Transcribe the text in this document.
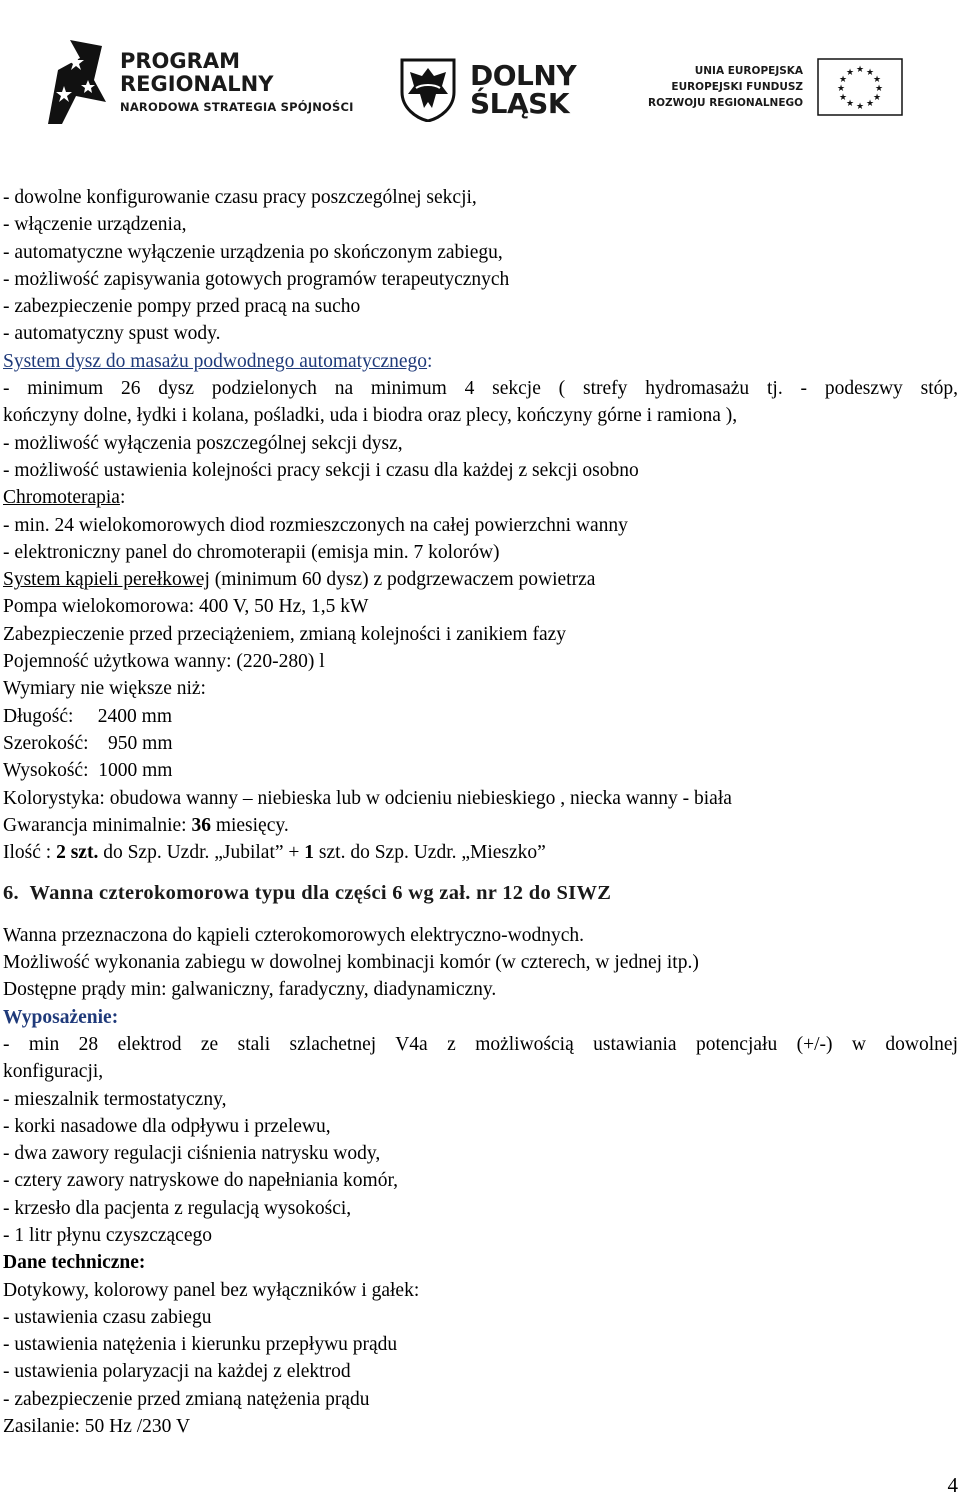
PROGRAM
REGIONALNY
NARODOWA STRATEGIA SPÓJNOŚCI
DOLNY
ŚLĄSK
UNIA EUROPEJSKA
EUROPEJSKI FUNDUSZ
ROZWOJU REGIONALNEGO
★ ★
★
★
★
★
★
★
★
★
★
★
- dowolne konfigurowanie czasu pracy poszczególnej sekcji,
- włączenie urządzenia,
- automatyczne wyłączenie urządzenia po skończonym zabiegu,
- możliwość zapisywania gotowych programów terapeutycznych
- zabezpieczenie pompy przed pracą na sucho
- automatyczny spust wody.
System dysz do masażu podwodnego automatycznego:
- minimum 26 dysz podzielonych na minimum 4 sekcje ( strefy hydromasażu tj. - podeszwy stóp,
kończyny dolne, łydki i kolana, pośladki, uda i biodra oraz plecy, kończyny górne i ramiona ),
- możliwość wyłączenia poszczególnej sekcji dysz,
- możliwość ustawienia kolejności pracy sekcji i czasu dla każdej z sekcji osobno
Chromoterapia:
- min. 24 wielokomorowych diod rozmieszczonych na całej powierzchni wanny
- elektroniczny panel do chromoterapii (emisja min. 7 kolorów)
System kąpieli perełkowej (minimum 60 dysz) z podgrzewaczem powietrza
Pompa wielokomorowa: 400 V, 50 Hz, 1,5 kW
Zabezpieczenie przed przeciążeniem, zmianą kolejności i zanikiem fazy
Pojemność użytkowa wanny: (220-280) l
Wymiary nie większe niż:
Długość:     2400 mm
Szerokość:    950 mm
Wysokość:  1000 mm
Kolorystyka: obudowa wanny – niebieska lub w odcieniu niebieskiego , niecka wanny - biała
Gwarancja minimalnie: 36 miesięcy.
Ilość : 2 szt. do Szp. Uzdr. „Jubilat” + 1 szt. do Szp. Uzdr. „Mieszko”
6.  Wanna czterokomorowa typu dla części 6 wg zał. nr 12 do SIWZ
Wanna przeznaczona do kąpieli czterokomorowych elektryczno-wodnych.
Możliwość wykonania zabiegu w dowolnej kombinacji komór (w czterech, w jednej itp.)
Dostępne prądy min: galwaniczny, faradyczny, diadynamiczny.
Wyposażenie:
- min 28 elektrod ze stali szlachetnej V4a z możliwością ustawiania potencjału (+/-) w dowolnej
konfiguracji,
- mieszalnik termostatyczny,
- korki nasadowe dla odpływu i przelewu,
- dwa zawory regulacji ciśnienia natrysku wody,
- cztery zawory natryskowe do napełniania komór,
- krzesło dla pacjenta z regulacją wysokości,
- 1 litr płynu czyszczącego
Dane techniczne:
Dotykowy, kolorowy panel bez wyłączników i gałek:
- ustawienia czasu zabiegu
- ustawienia natężenia i kierunku przepływu prądu
- ustawienia polaryzacji na każdej z elektrod
- zabezpieczenie przed zmianą natężenia prądu
Zasilanie: 50 Hz /230 V
4
